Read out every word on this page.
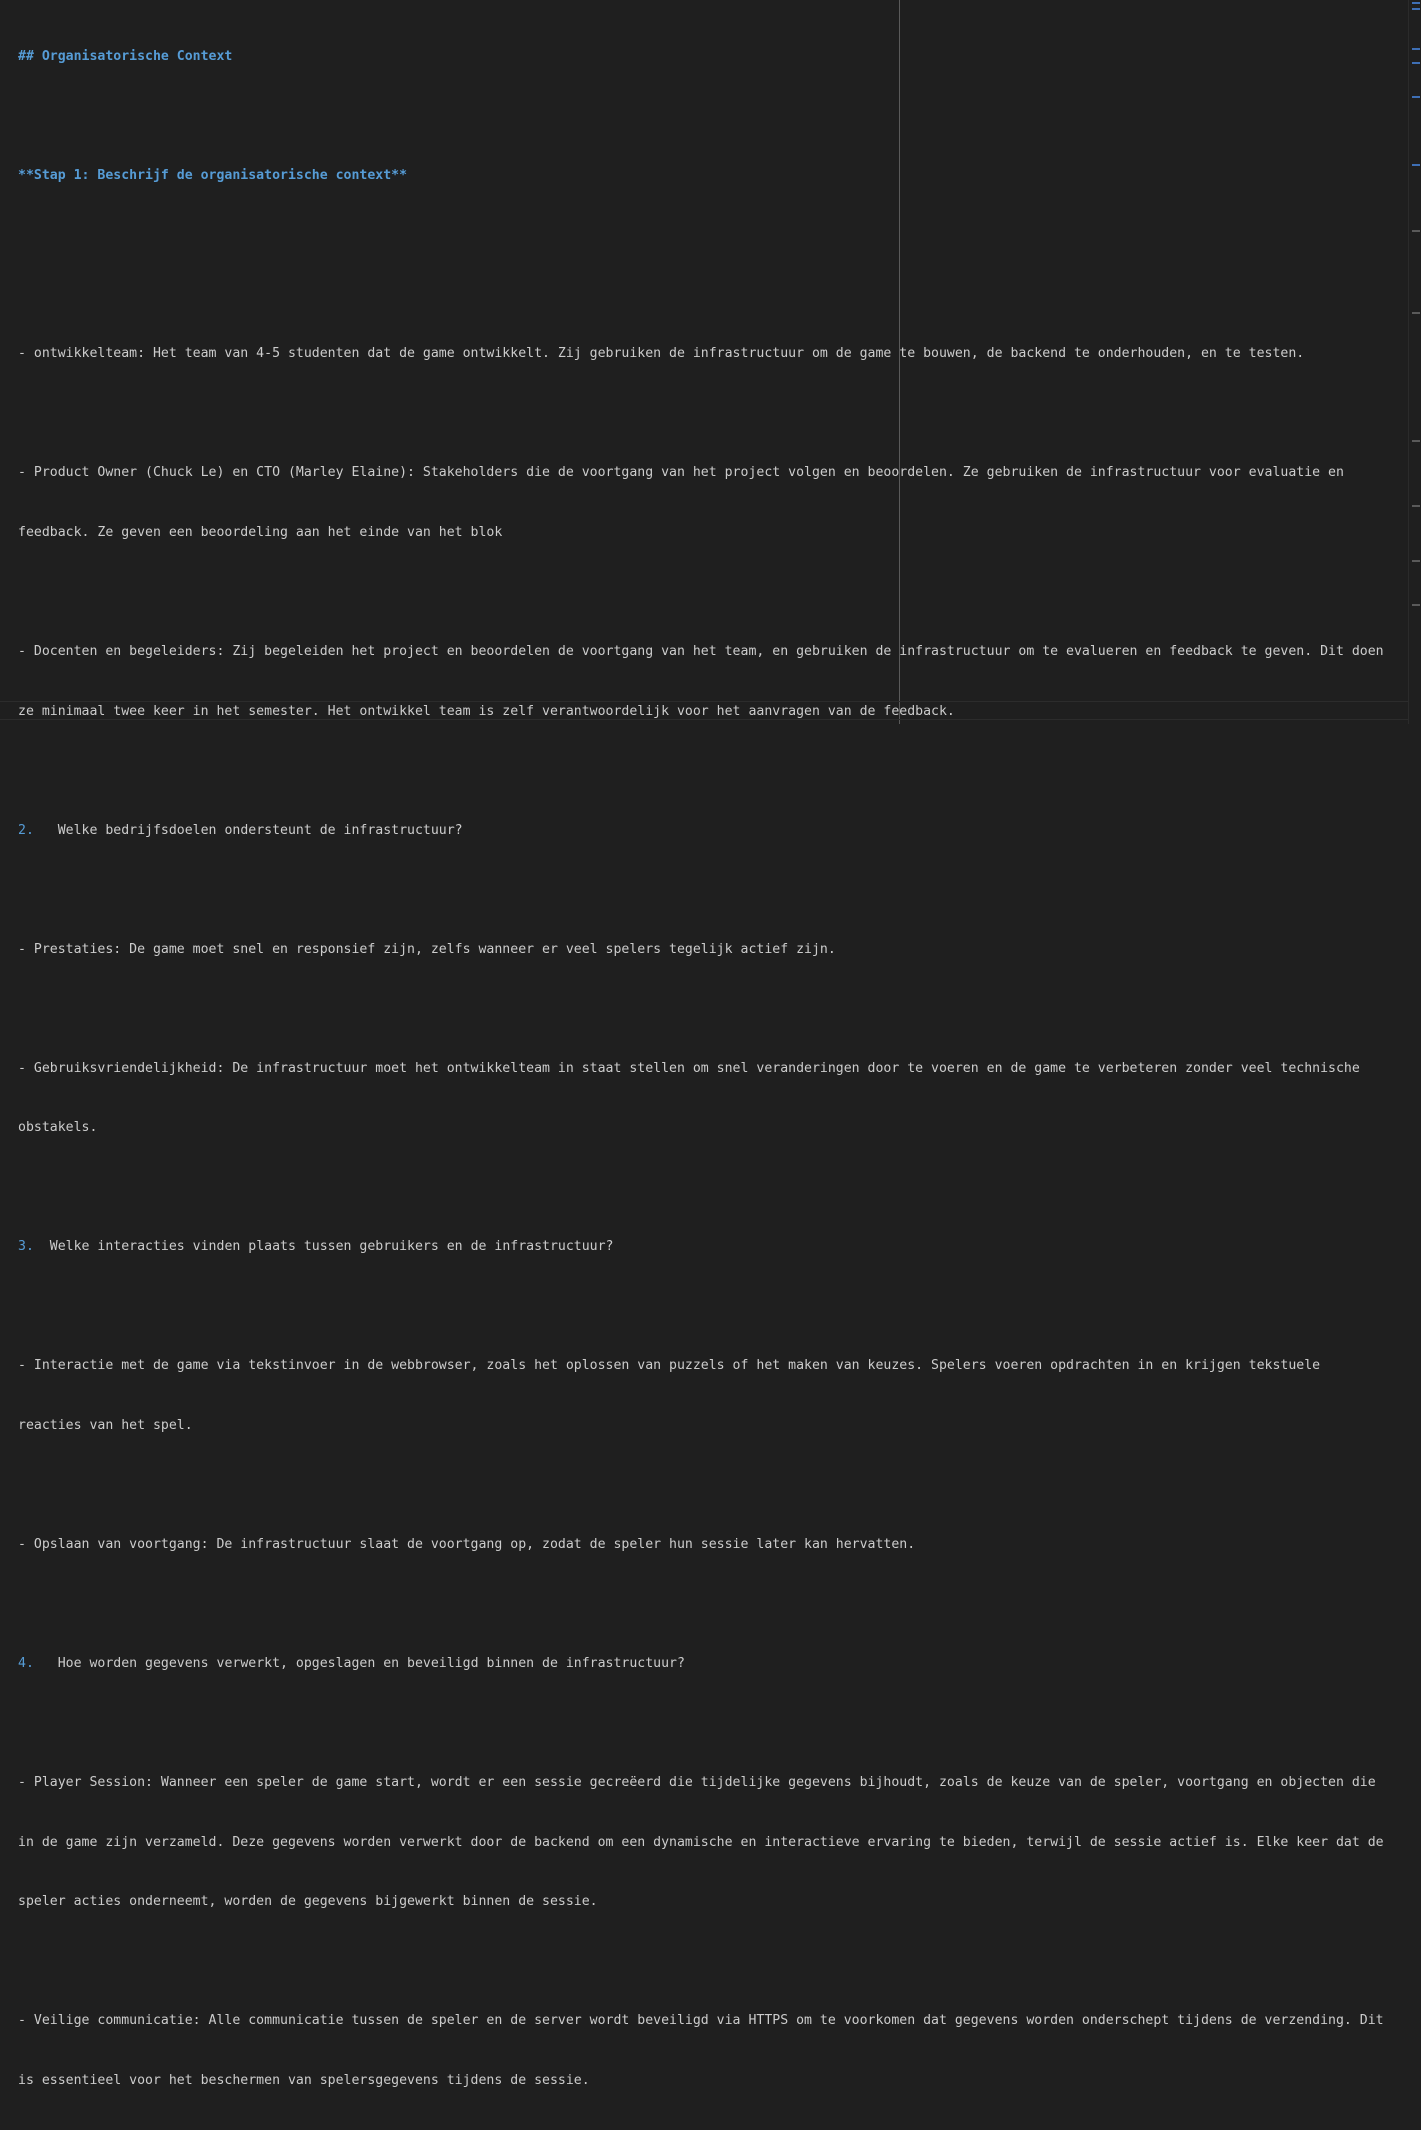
## Organisatorische Context

**Stap 1: Beschrijf de organisatorische context**

- ontwikkelteam: Het team van 4-5 studenten dat de game ontwikkelt. Zij gebruiken de infrastructuur om de game te bouwen, de backend te onderhouden, en te testen.

- Product Owner (Chuck Le) en CTO (Marley Elaine): Stakeholders die de voortgang van het project volgen en beoordelen. Ze gebruiken de infrastructuur voor evaluatie en

feedback. Ze geven een beoordeling aan het einde van het blok

- Docenten en begeleiders: Zij begeleiden het project en beoordelen de voortgang van het team, en gebruiken de infrastructuur om te evalueren en feedback te geven. Dit doen

ze minimaal twee keer in het semester. Het ontwikkel team is zelf verantwoordelijk voor het aanvragen van de feedback.

2.   Welke bedrijfsdoelen ondersteunt de infrastructuur?

- Prestaties: De game moet snel en responsief zijn, zelfs wanneer er veel spelers tegelijk actief zijn.

- Gebruiksvriendelijkheid: De infrastructuur moet het ontwikkelteam in staat stellen om snel veranderingen door te voeren en de game te verbeteren zonder veel technische

obstakels.

3.  Welke interacties vinden plaats tussen gebruikers en de infrastructuur?

- Interactie met de game via tekstinvoer in de webbrowser, zoals het oplossen van puzzels of het maken van keuzes. Spelers voeren opdrachten in en krijgen tekstuele

reacties van het spel.

- Opslaan van voortgang: De infrastructuur slaat de voortgang op, zodat de speler hun sessie later kan hervatten.

4.   Hoe worden gegevens verwerkt, opgeslagen en beveiligd binnen de infrastructuur?

- Player Session: Wanneer een speler de game start, wordt er een sessie gecreëerd die tijdelijke gegevens bijhoudt, zoals de keuze van de speler, voortgang en objecten die

in de game zijn verzameld. Deze gegevens worden verwerkt door de backend om een dynamische en interactieve ervaring te bieden, terwijl de sessie actief is. Elke keer dat de

speler acties onderneemt, worden de gegevens bijgewerkt binnen de sessie.

- Veilige communicatie: Alle communicatie tussen de speler en de server wordt beveiligd via HTTPS om te voorkomen dat gegevens worden onderschept tijdens de verzending. Dit

is essentieel voor het beschermen van spelersgegevens tijdens de sessie.
